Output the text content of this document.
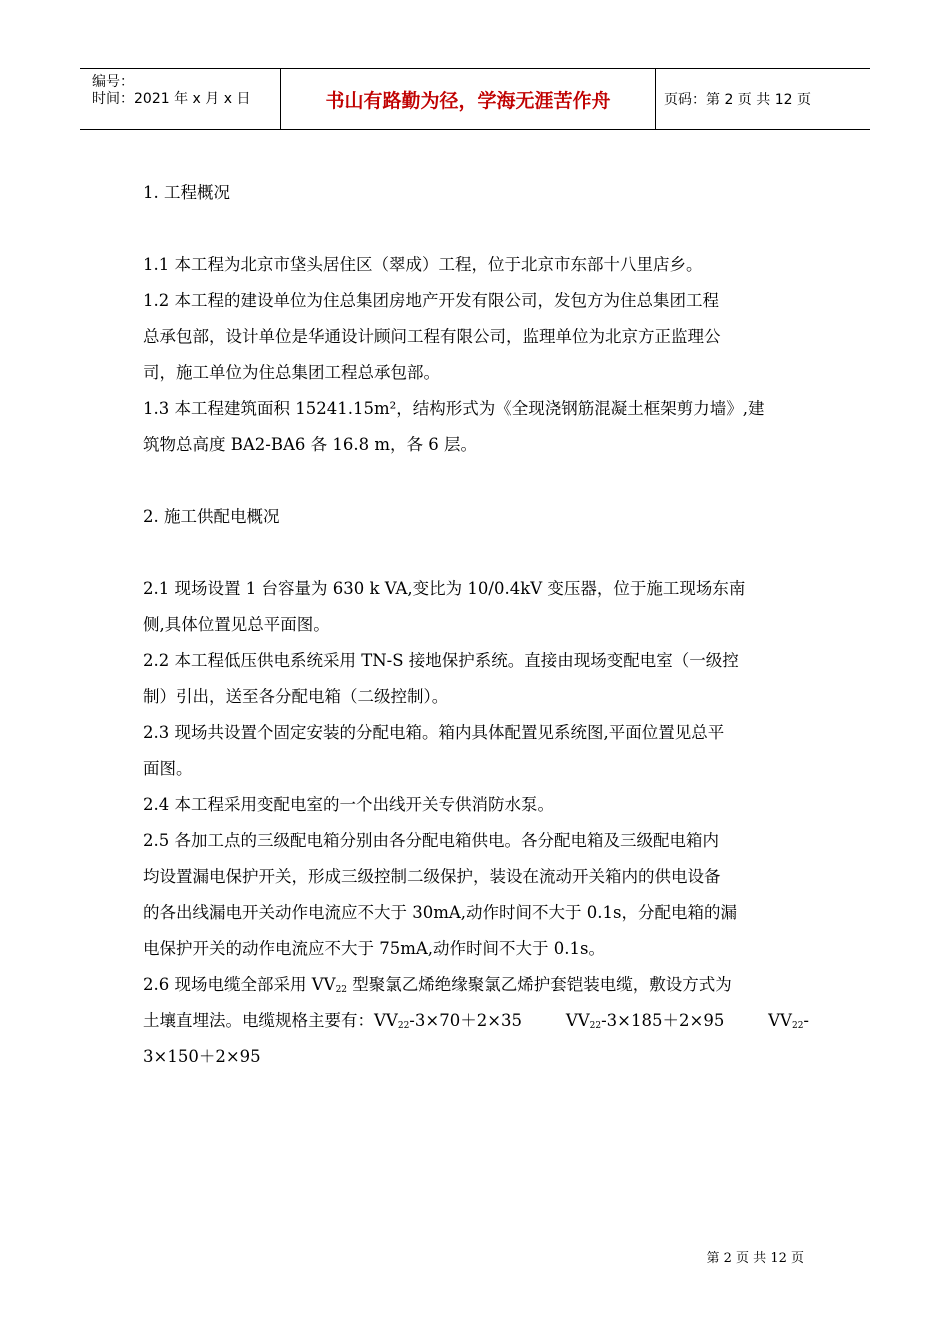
编号：
时间：2021 年 x 月 x 日	书山有路勤为径，学海无涯苦作舟	页码：第 2 页 共 12 页
1. 工程概况
1.1 本工程为北京市垡头居住区（翠成）工程，位于北京市东部十八里店乡。
1.2 本工程的建设单位为住总集团房地产开发有限公司，发包方为住总集团工程
总承包部，设计单位是华通设计顾问工程有限公司，监理单位为北京方正监理公
司，施工单位为住总集团工程总承包部。
1.3 本工程建筑面积 15241.15m²，结构形式为《全现浇钢筋混凝土框架剪力墙》,建
筑物总高度 BA2-BA6 各 16.8 m，各 6 层。
2. 施工供配电概况
2.1 现场设置 1 台容量为 630 k VA,变比为 10/0.4kV 变压器，位于施工现场东南
侧,具体位置见总平面图。
2.2 本工程低压供电系统采用 TN-S 接地保护系统。直接由现场变配电室（一级控
制）引出，送至各分配电箱（二级控制）。
2.3 现场共设置个固定安装的分配电箱。箱内具体配置见系统图,平面位置见总平
面图。
2.4 本工程采用变配电室的一个出线开关专供消防水泵。
2.5 各加工点的三级配电箱分别由各分配电箱供电。各分配电箱及三级配电箱内
均设置漏电保护开关，形成三级控制二级保护，装设在流动开关箱内的供电设备
的各出线漏电开关动作电流应不大于 30mA,动作时间不大于 0.1s，分配电箱的漏
电保护开关的动作电流应不大于 75mA,动作时间不大于 0.1s。
2.6 现场电缆全部采用 $VV_{22}$ 型聚氯乙烯绝缘聚氯乙烯护套铠装电缆，敷设方式为
土壤直埋法。电缆规格主要有：$VV_{22}-3\times 70+2\times 35$	$VV_{22}-3\times 185+2\times 95$	$VV_{22}-$
3×150＋2×95
第 2 页 共 12 页
